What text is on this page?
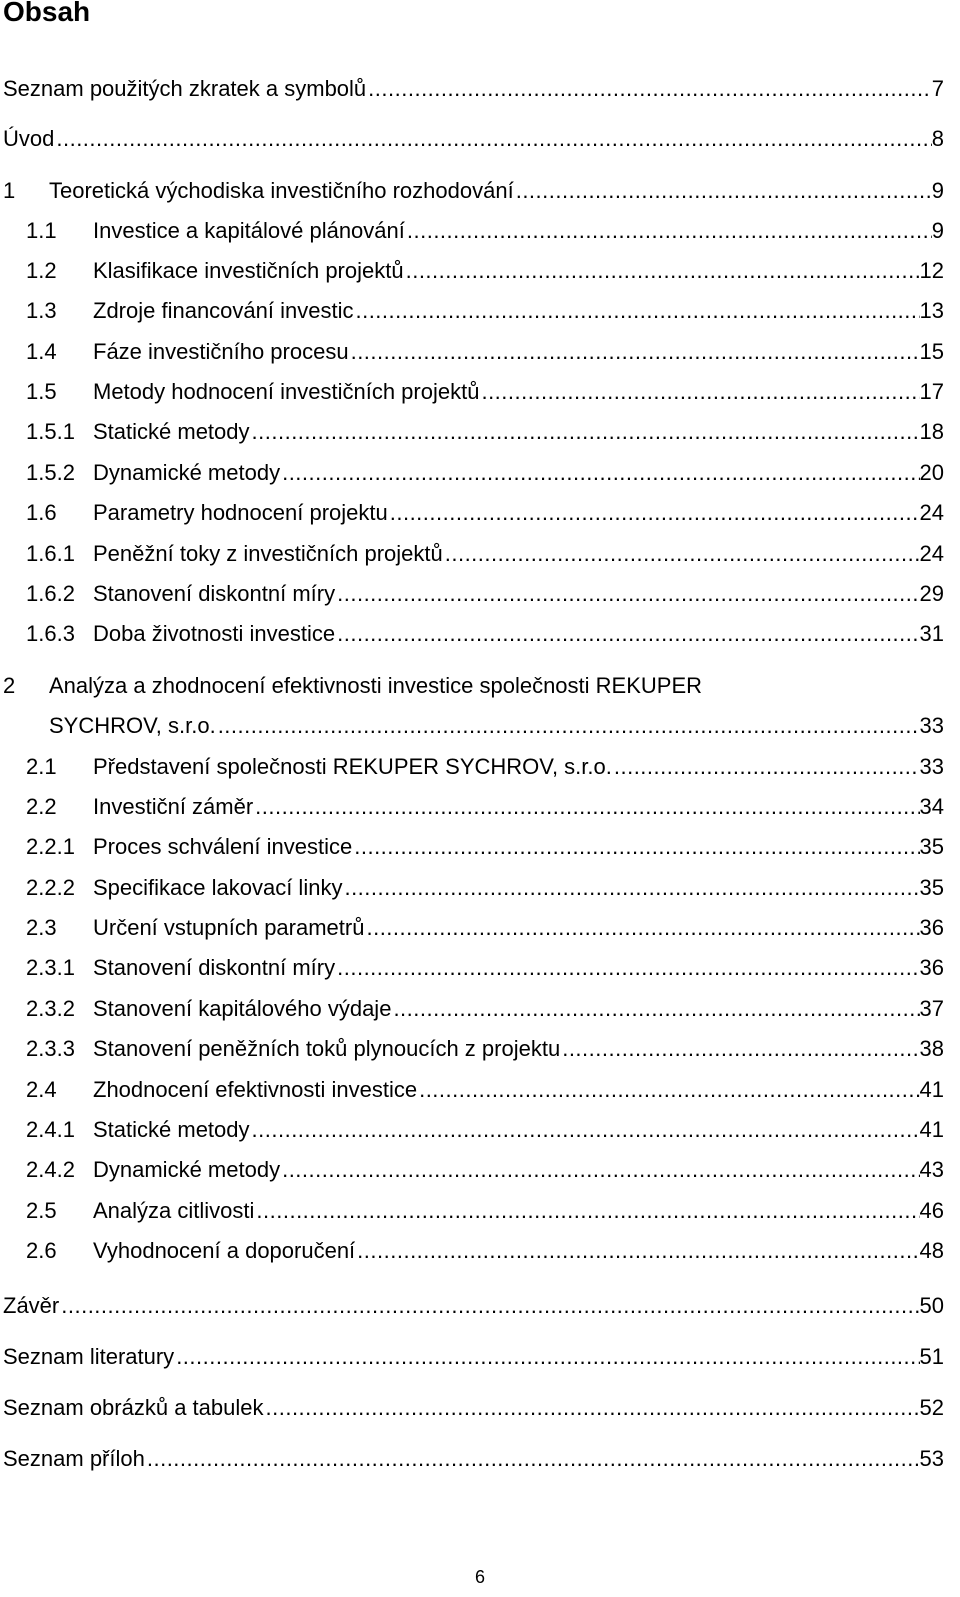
Obsah
Seznam použitých zkratek a symbolů .....	7
Úvod .....	8
1	Teoretická východiska investičního rozhodování .....	9
1.1	Investice a kapitálové plánování .....	9
1.2	Klasifikace investičních projektů .....	12
1.3	Zdroje financování investic .....	13
1.4	Fáze investičního procesu .....	15
1.5	Metody hodnocení investičních projektů .....	17
1.5.1 Statické metody .....	18
1.5.2 Dynamické metody .....	20
1.6	Parametry hodnocení projektu .....	24
1.6.1 Peněžní toky z investičních projektů .....	24
1.6.2 Stanovení diskontní míry .....	29
1.6.3 Doba životnosti investice .....	31
2 Analýza a zhodnocení efektivnosti investice společnosti REKUPER
SYCHROV, s.r.o. .....	33
2.1	Představení společnosti REKUPER SYCHROV, s.r.o. .....	33
2.2	Investiční záměr .....	34
2.2.1 Proces schválení investice .....	35
2.2.2 Specifikace lakovací linky .....	35
2.3	Určení vstupních parametrů .....	36
2.3.1 Stanovení diskontní míry .....	36
2.3.2 Stanovení kapitálového výdaje .....	37
2.3.3 Stanovení peněžních toků plynoucích z projektu .....	38
2.4	Zhodnocení efektivnosti investice .....	41
2.4.1 Statické metody .....	41
2.4.2 Dynamické metody .....	43
2.5	Analýza citlivosti .....	46
2.6	Vyhodnocení a doporučení .....	48
Závěr .....	50
Seznam literatury .....	51
Seznam obrázků a tabulek .....	52
Seznam příloh .....	53
6
